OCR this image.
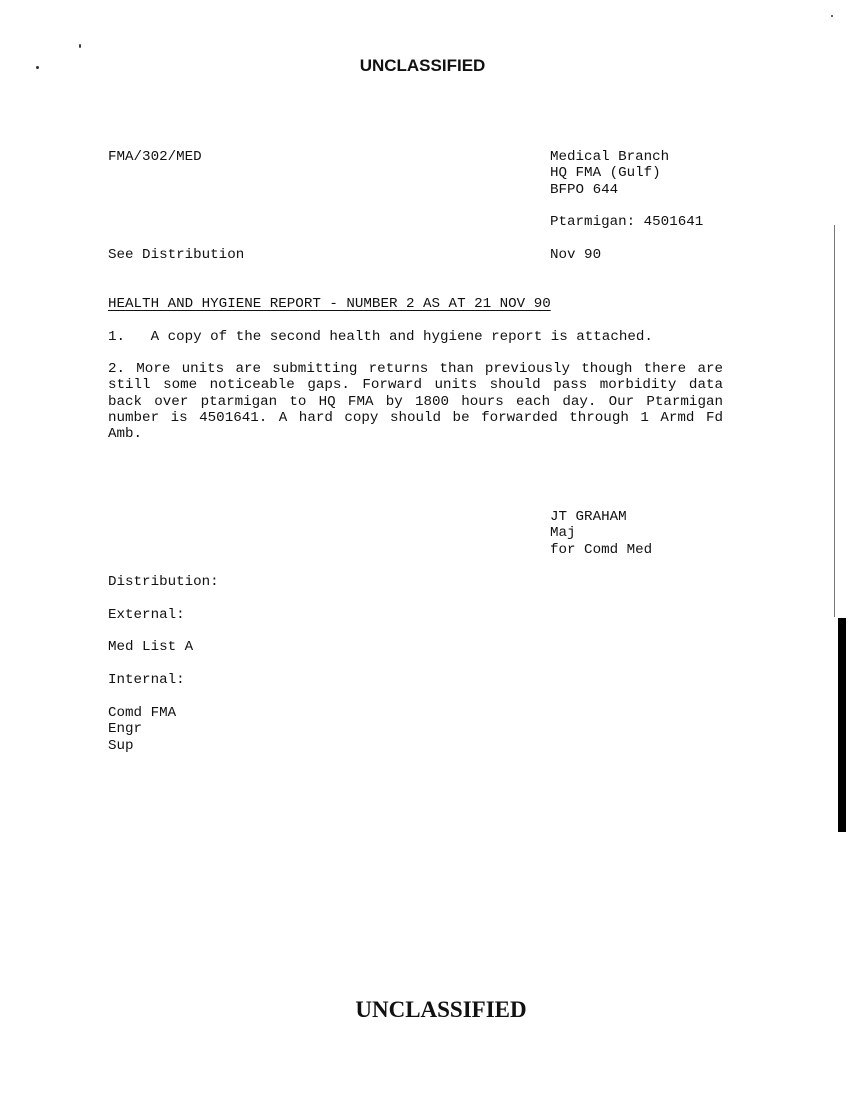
UNCLASSIFIED
FMA/302/MED	Medical Branch
HQ FMA (Gulf)
BFPO 644
Ptarmigan: 4501641
See Distribution	Nov 90
HEALTH AND HYGIENE REPORT - NUMBER 2 AS AT 21 NOV 90
1.   A copy of the second health and hygiene report is attached.
2. More units are submitting returns than previously though there are still some noticeable gaps. Forward units should pass morbidity data back over ptarmigan to HQ FMA by 1800 hours each day. Our Ptarmigan number is 4501641. A hard copy should be forwarded through 1 Armd Fd Amb.
JT GRAHAM
Maj
for Comd Med
Distribution:
External:
Med List A
Internal:
Comd FMA
Engr
Sup
UNCLASSIFIED
